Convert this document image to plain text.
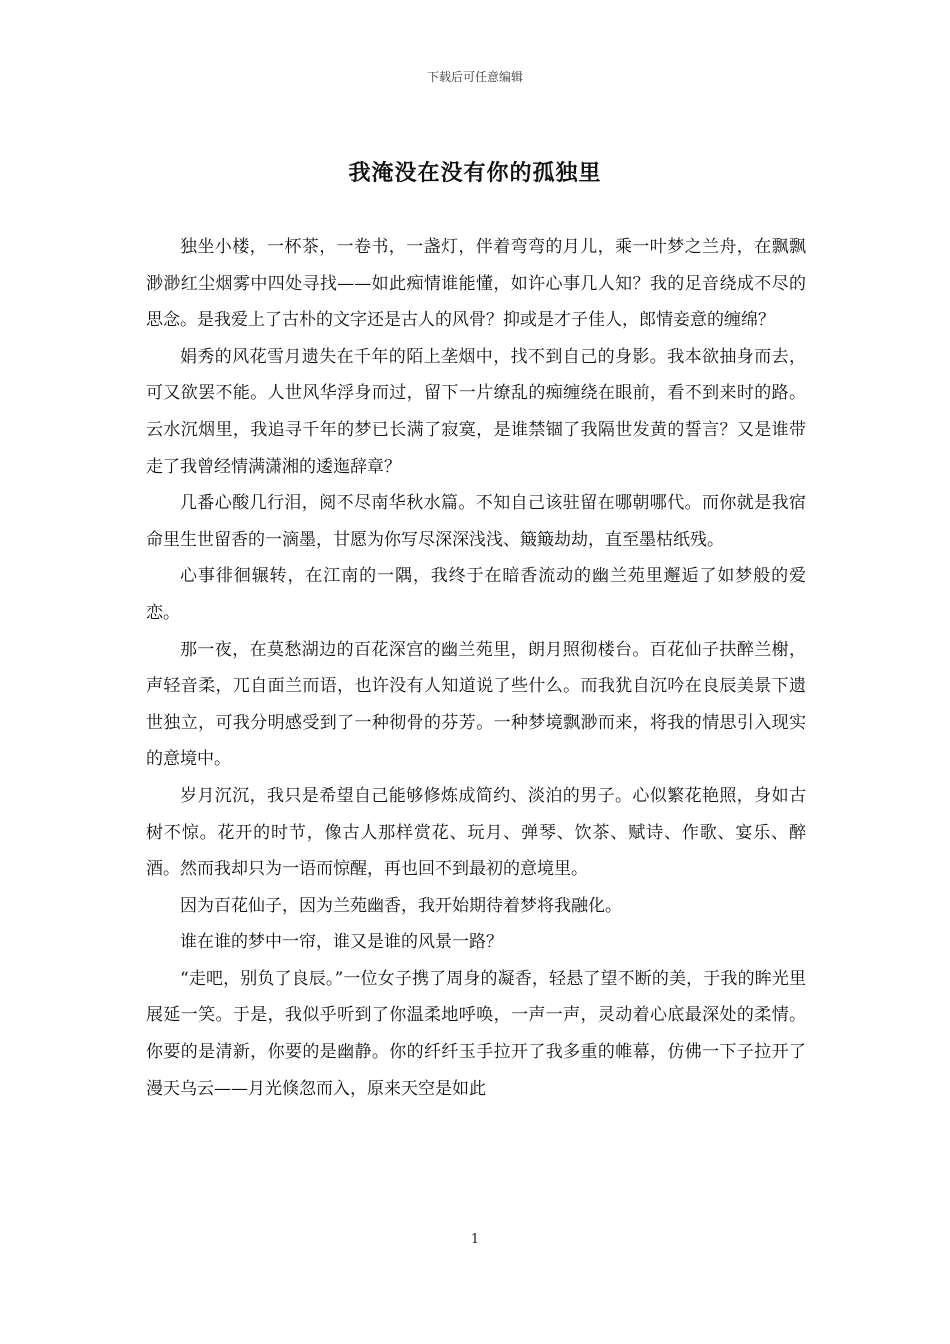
下载后可任意编辑
我淹没在没有你的孤独里

独坐小楼，一杯茶，一卷书，一盏灯，伴着弯弯的月儿，乘一叶梦之兰舟，在飘飘渺渺红尘烟雾中四处寻找——如此痴情谁能懂，如许心事几人知？我的足音绕成不尽的思念。是我爱上了古朴的文字还是古人的风骨？抑或是才子佳人，郎情妾意的缠绵？

娟秀的风花雪月遗失在千年的陌上垄烟中，找不到自己的身影。我本欲抽身而去，可又欲罢不能。人世风华浮身而过，留下一片缭乱的痴缠绕在眼前，看不到来时的路。云水沉烟里，我追寻千年的梦已长满了寂寞，是谁禁锢了我隔世发黄的誓言？又是谁带走了我曾经情满潇湘的逶迤辞章？

几番心酸几行泪，阅不尽南华秋水篇。不知自己该驻留在哪朝哪代。而你就是我宿命里生世留香的一滴墨，甘愿为你写尽深深浅浅、簸簸劫劫，直至墨枯纸残。

心事徘徊辗转，在江南的一隅，我终于在暗香流动的幽兰苑里邂逅了如梦般的爱恋。

那一夜，在莫愁湖边的百花深宫的幽兰苑里，朗月照彻楼台。百花仙子扶醉兰榭，声轻音柔，兀自面兰而语，也许没有人知道说了些什么。而我犹自沉吟在良辰美景下遗世独立，可我分明感受到了一种彻骨的芬芳。一种梦境飘渺而来，将我的情思引入现实的意境中。

岁月沉沉，我只是希望自己能够修炼成简约、淡泊的男子。心似繁花艳照，身如古树不惊。花开的时节，像古人那样赏花、玩月、弹琴、饮茶、赋诗、作歌、宴乐、醉酒。然而我却只为一语而惊醒，再也回不到最初的意境里。

因为百花仙子，因为兰苑幽香，我开始期待着梦将我融化。

谁在谁的梦中一帘，谁又是谁的风景一路？

“走吧，别负了良辰。”一位女子携了周身的凝香，轻悬了望不断的美，于我的眸光里展延一笑。于是，我似乎听到了你温柔地呼唤，一声一声，灵动着心底最深处的柔情。你要的是清新，你要的是幽静。你的纤纤玉手拉开了我多重的帷幕，仿佛一下子拉开了漫天乌云——月光倏忽而入，原来天空是如此

1
